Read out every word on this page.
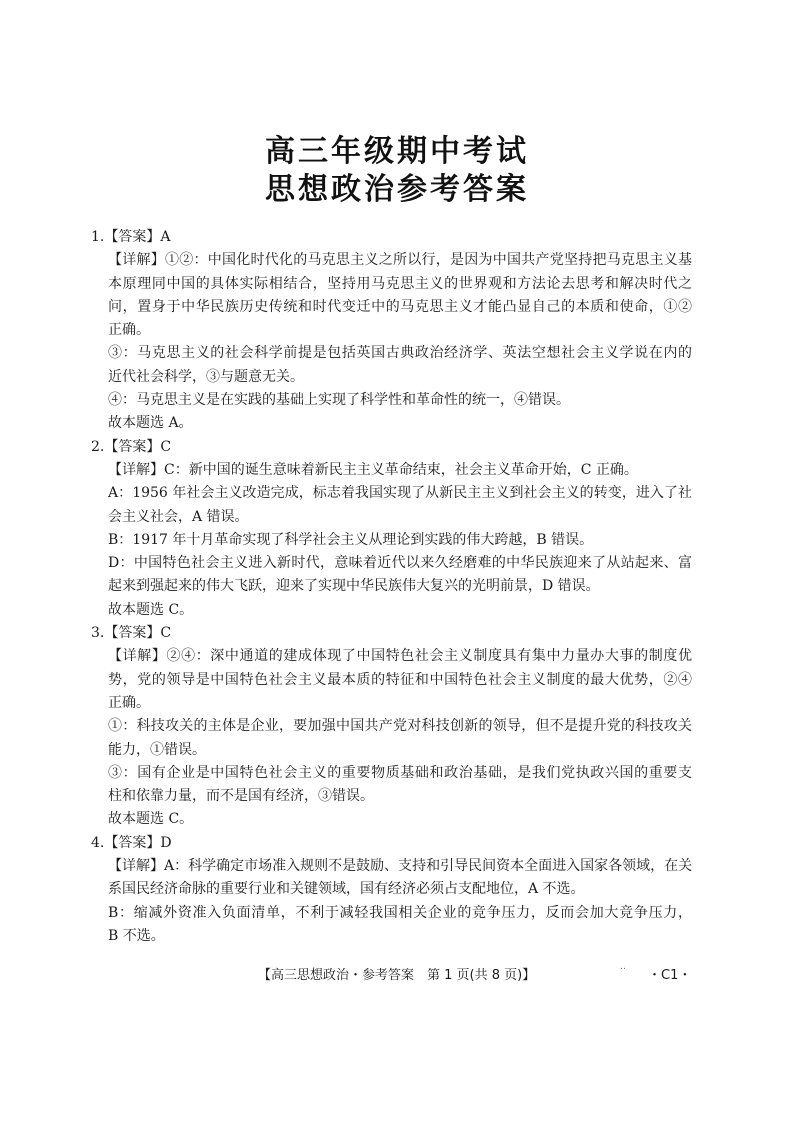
高三年级期中考试
思想政治参考答案
1.【答案】A
【详解】①②：中国化时代化的马克思主义之所以行，是因为中国共产党坚持把马克思主义基
本原理同中国的具体实际相结合，坚持用马克思主义的世界观和方法论去思考和解决时代之
问，置身于中华民族历史传统和时代变迁中的马克思主义才能凸显自己的本质和使命，①②
正确。
③：马克思主义的社会科学前提是包括英国古典政治经济学、英法空想社会主义学说在内的
近代社会科学，③与题意无关。
④：马克思主义是在实践的基础上实现了科学性和革命性的统一，④错误。
故本题选 A。
2.【答案】C
【详解】C：新中国的诞生意味着新民主主义革命结束，社会主义革命开始，C 正确。
A：1956 年社会主义改造完成，标志着我国实现了从新民主主义到社会主义的转变，进入了社
会主义社会，A 错误。
B：1917 年十月革命实现了科学社会主义从理论到实践的伟大跨越，B 错误。
D：中国特色社会主义进入新时代，意味着近代以来久经磨难的中华民族迎来了从站起来、富
起来到强起来的伟大飞跃，迎来了实现中华民族伟大复兴的光明前景，D 错误。
故本题选 C。
3.【答案】C
【详解】②④：深中通道的建成体现了中国特色社会主义制度具有集中力量办大事的制度优
势，党的领导是中国特色社会主义最本质的特征和中国特色社会主义制度的最大优势，②④
正确。
①：科技攻关的主体是企业，要加强中国共产党对科技创新的领导，但不是提升党的科技攻关
能力，①错误。
③：国有企业是中国特色社会主义的重要物质基础和政治基础，是我们党执政兴国的重要支
柱和依靠力量，而不是国有经济，③错误。
故本题选 C。
4.【答案】D
【详解】A：科学确定市场准入规则不是鼓励、支持和引导民间资本全面进入国家各领域，在关
系国民经济命脉的重要行业和关键领域，国有经济必须占支配地位，A 不选。
B：缩减外资准入负面清单，不利于减轻我国相关企业的竞争压力，反而会加大竞争压力，
B 不选。
【高三思想政治・参考答案　第 1 页(共 8 页)】
‥
・C1・
